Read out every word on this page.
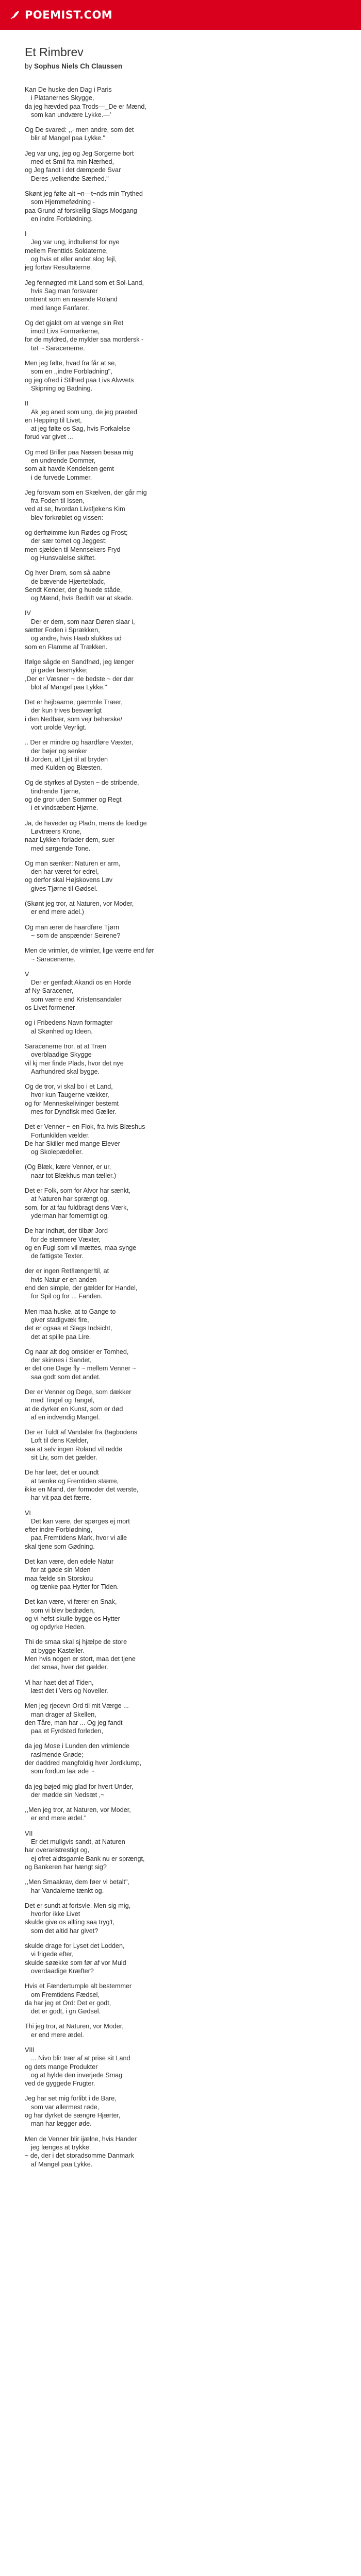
POEMIST.COM
Et Rimbrev
by Sophus Niels Ch Claussen
Kan De huske den Dag i Paris
i Platanernes Skygge,
da jeg hævded paa Trods—_De er Mænd,
som kan undvære Lykke.—'
Og De svared: ,,- men andre, som det
blir af Mangel paa Lykke."
Jeg var ung, jeg og Jeg Sorgerne bort
med et Smil fra min Nærhed,
og Jeg fandt i det dæmpede Svar
Deres ,velkendte Særhed."
Skønt jeg følte alt ¬n—t¬nds min Trythed
som Hjemmefødning -
paa Grund af forskellig Slags Modgang
en indre Forblødning.
I
Jeg var ung, indtullenst for nye
mellem Frenttids Soldaterne,
og hvis et eller andet slog fejl,
jeg fortav Resultaterne.
Jeg fennøgted mit Land som et Sol-Land,
hvis Sag man forsvarer
omtrent som en rasende Roland
med lange Fanfarer.
Og det gjaldt om at vænge sin Ret
imod Livs Formørkerne,
for de myldred, de mylder saa mordersk -
tøt ~ Saracenerne.
Men jeg følte, hvad fra får at se,
som en ,,indre Forbladning",
og jeg ofred i Stilhed paa Livs Alwvets
Skipning og Badning.
II
Ak jeg aned som ung, de jeg praeted
en Hepping til Livet,
at jeg følte os Sag, hvis Forkalelse
forud var givet ...
Og med Briller paa Næsen besaa mig
en undrende Dommer,
som alt havde Kendelsen gemt
i de furvede Lommer.
Jeg forsvam som en Skælven, der går mig
fra Foden til Issen,
ved at se, hvordan Livsfjekens Kim
blev forkrøblet og vissen:
og derfrøimme kun Rødes og Frost;
der sær tomet og Jeggest;
men sjælden til Mennsekers Fryd
og Hunsvalelse skiftet.
Og hver Drøm, som så aabne
de bævende Hjærtebladc,
Sendt Kender, der g huede ståde,
og Mænd, hvis Bedrift var at skade.
IV
Der er dem, som naar Døren slaar i,
sætter Foden i Sprækken,
og andre, hvis Haab slukkes ud
som en Flamme af Trækken.
Ifølge sågde en Sandfnød, jeg længer
gi gøder besmykke;
,Der er Væsner ~ de bedste ~ der dør
blot af Mangel paa Lykke."
Det er hejbaarne, gæmmle Træer,
der kun trives besværligt
i den Nedbær, som vejr beherske/
vort urolde Veyrligt.
.. Der er mindre og haardføre Væxter,
der bøjer og senker
til Jorden, af Ljet til at bryden
med Kulden og Blæsten.
Og de styrkes af Dysten ~ de stribende,
tindrende Tjørne,
og de gror uden Sommer og Regt
i et vindsæbent Hjørne.
Ja, de haveder og Pladn, mens de foedige
Løvtræers Krone,
naar Lykken forlader dem, suer
med sørgende Tone.
Og man sænker: Naturen er arm,
den har været for edrel,
og derfor skal Højskovens Løv
gives Tjørne til Gødsel.
(Skønt jeg tror, at Naturen, vor Moder,
er end mere adel.)
Og man ærer de haardføre Tjørn
~ som de anspænder Seirene?
Men de vrimler, de vrimler, lige værre end før
~ Saracenerne.
V
Der er genfødt Akandi os en Horde
af Ny-Saracener,
som værre end Kristensandaler
os Livet formener
og i Fribedens Navn formagter
al Skønhed og Ideen.
Saracenerne tror, at at Træn
overblaadige Skygge
vil kj mer finde Plads, hvor det nye
Aarhundred skal bygge.
Og de tror, vi skal bo i et Land,
hvor kun Taugerne vækker,
og for Menneskelivinger bestemt
mes for Dyndfisk med Gæller.
Det er Venner ~ en Flok, fra hvis Blæshus
Fortunkilden vælder.
De har Skiller med mange Elever
og Skolepædeller.
(Og Blæk, kære Venner, er ur,
naar tot Blækhus man tæller.)
Det er Folk, som for Alvor har sænkt,
at Naturen har sprængt og,
som, for at fau fuldbragt dens Værk,
yderman har fornemtigt og.
De har indhøt, der tilbør Jord
for de stemnere Væxter,
og en Fugl som vil mættes, maa synge
de fattigste Texter.
der er ingen Ret!længer!til, at
hvis Natur er en anden
end den simple, der gælder for Handel,
for Spil og for ... Fanden.
Men maa huske, at to Gange to
giver stadigvæk fire,
det er ogsaa et Slags Indsicht,
det at spille paa Lire.
Og naar alt dog omsider er Tomhed,
der skinnes i Sandet,
er det one Dage fly ~ mellem Venner ~
saa godt som det andet.
Der er Venner og Døge, som dækker
med Tingel og Tangel,
at de dyrker en Kunst, som er død
af en indvendig Mangel.
Der er Tuldt af Vandaler fra Bagbodens
Loft til dens Kælder,
saa at selv ingen Roland vil redde
sit Liv, som det gælder.
De har løet, det er uoundt
at tænke og Fremtiden stærre,
ikke en Mand, der formoder det værste,
har vit paa det færre.
VI
Det kan være, der spørges ej mort
efter indre Forblødning,
paa Fremtidens Mark, hvor vi alle
skal tjene som Gødning.
Det kan være, den edele Natur
for at gøde sin Mden
maa fælde sin Storskou
og tænke paa Hytter for Tiden.
Det kan være, vi færer en Snak,
som vi blev bedrøden,
og vi hefst skulle bygge os Hytter
og opdyrke Heden.
Thi de smaa skal sj hjælpe de store
at bygge Kasteller.
Men hvis nogen er stort, maa det tjene
det smaa, hver det gælder.
Vi har haet det af Tiden,
læst det i Vers og Noveller.
Men jeg rjecevn Ord til mit Værge ...
man drager af Skellen,
den Tåre, man har ... Og jeg fandt
paa et Fyrdsted forleden,
da jeg Mose i Lunden den vrimlende
raslmende Grøde;
der daddred mangfoldig hver Jordklump,
som fordum laa øde ~
da jeg bøjed mig glad for hvert Under,
der mødde sin Nedsæt ,~
,,Men jeg tror, at Naturen, vor Moder,
er end mere ædel."
VII
Er det muligvis sandt, at Naturen
har overaristrestigt og,
ej ofret aldtsgamle Bank nu er sprængt,
og Bankeren har hængt sig?
,,Men Smaakrav, dem føer vi betalt",
har Vandalerne tænkt og.
Det er sundt at fortsvle. Men sig mig,
hvorfor ikke Livet
skulde give os allting saa tryg't,
som det altid har givet?
skulde drage for Lyset det Lodden,
vi frigede efter,
skulde søække som før af vor Muld
overdaadige Kræfter?
Hvis et Fændertumple alt bestemmer
om Fremtidens Fædsel,
da har jeg et Ord: Det er godt,
det er godt, i gn Gødsel.
Thi jeg tror, at Naturen, vor Moder,
er end mere ædel.
VIII
... Nivo blir trær af at prise sit Land
og dets mange Produkter
og at hylde den inverjede Smag
ved de gyggede Frugter.
Jeg har set mig forlibt i de Bare,
som var allermest røde,
og har dyrket de sængre Hjærter,
man har lægger øde.
Men de Venner blir ijælne, hvis Hander
jeg længes at trykke
~ de, der i det storadsomme Danmark
af Mangel paa Lykke.
